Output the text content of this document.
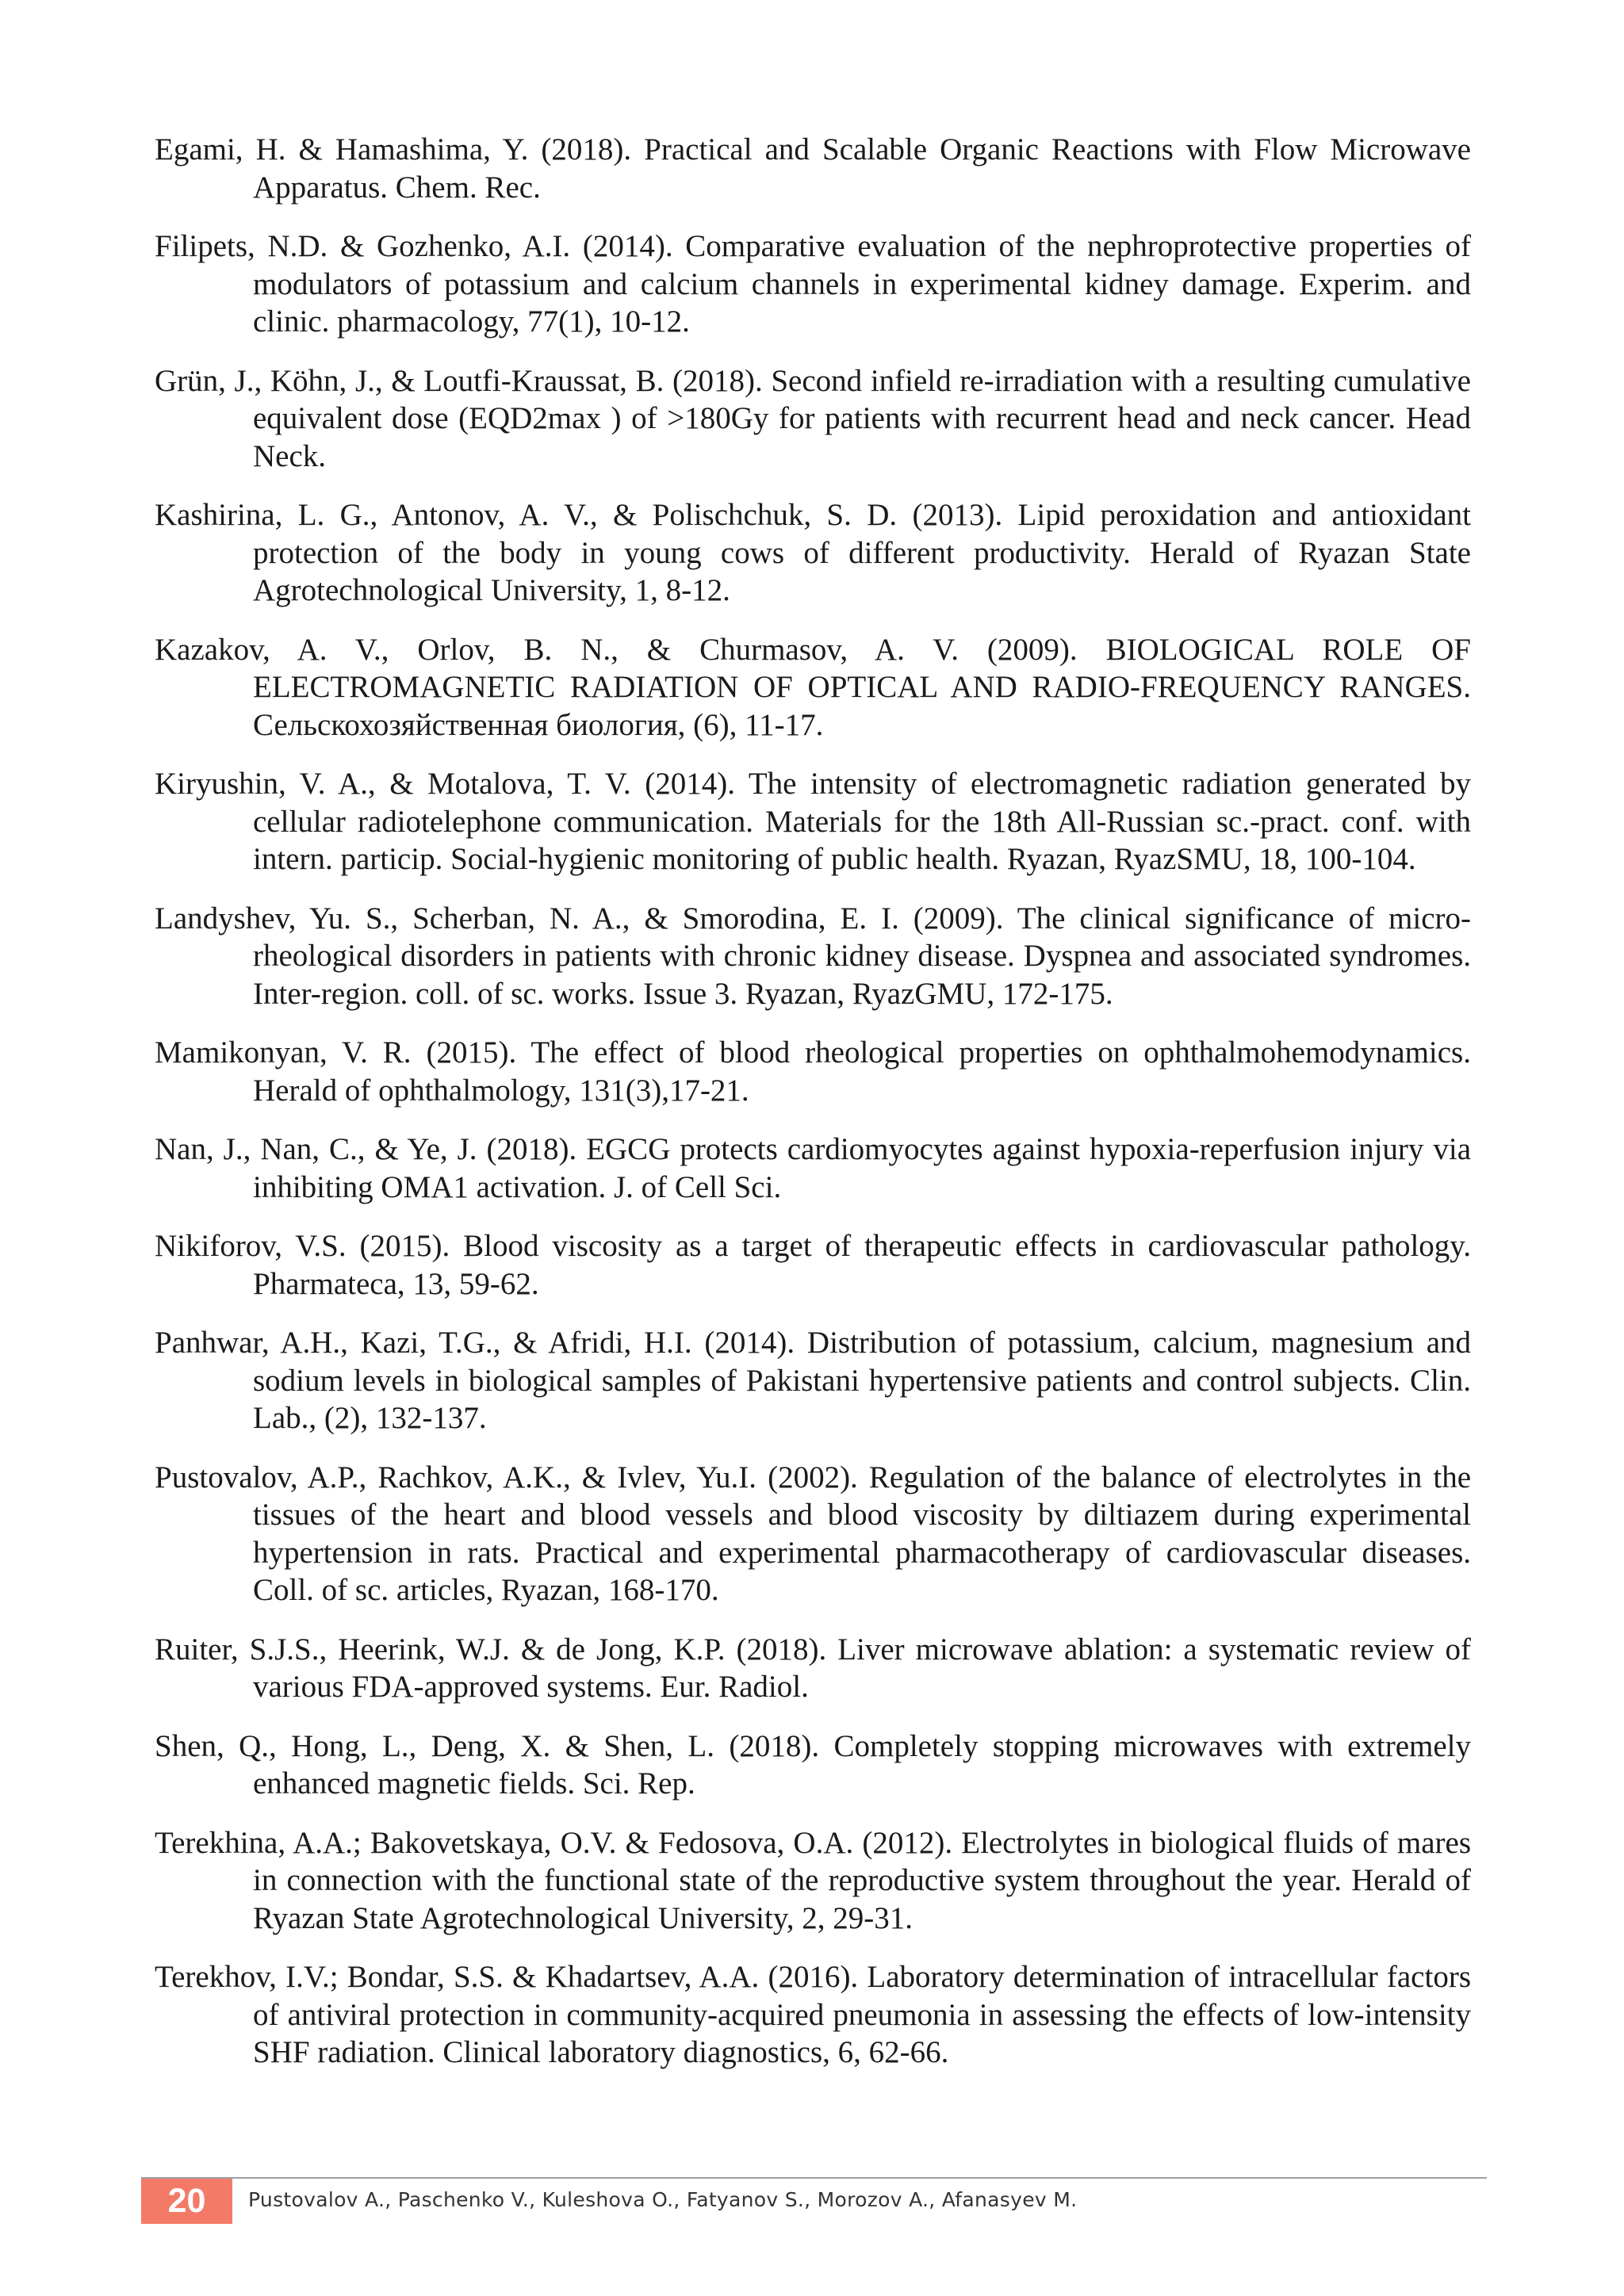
Egami, H. & Hamashima, Y. (2018). Practical and Scalable Organic Reactions with Flow Microwave Apparatus. Chem. Rec.
Filipets, N.D. & Gozhenko, A.I. (2014). Comparative evaluation of the nephroprotective properties of modulators of potassium and calcium channels in experimental kidney damage. Experim. and clinic. pharmacology, 77(1), 10-12.
Grün, J., Köhn, J., & Loutfi-Kraussat, B. (2018). Second infield re-irradiation with a resulting cumulative equivalent dose (EQD2max ) of >180Gy for patients with recurrent head and neck cancer. Head Neck.
Kashirina, L. G., Antonov, A. V., & Polischchuk, S. D. (2013). Lipid peroxidation and antioxidant protection of the body in young cows of different productivity. Herald of Ryazan State Agrotechnological University, 1, 8-12.
Kazakov, A. V., Orlov, B. N., & Churmasov, A. V. (2009). BIOLOGICAL ROLE OF ELECTROMAGNETIC RADIATION OF OPTICAL AND RADIO-FREQUENCY RANGES. Сельскохозяйственная биология, (6), 11-17.
Kiryushin, V. A., & Motalova, T. V. (2014). The intensity of electromagnetic radiation generated by cellular radiotelephone communication. Materials for the 18th All-Russian sc.-pract. conf. with intern. particip. Social-hygienic monitoring of public health. Ryazan, RyazSMU, 18, 100-104.
Landyshev, Yu. S., Scherban, N. A., & Smorodina, E. I. (2009). The clinical significance of micro-rheological disorders in patients with chronic kidney disease. Dyspnea and associated syndromes. Inter-region. coll. of sc. works. Issue 3. Ryazan, RyazGMU, 172-175.
Mamikonyan, V. R. (2015). The effect of blood rheological properties on ophthalmohemodynamics. Herald of ophthalmology, 131(3),17-21.
Nan, J., Nan, C., & Ye, J. (2018). EGCG protects cardiomyocytes against hypoxia-reperfusion injury via inhibiting OMA1 activation. J. of Cell Sci.
Nikiforov, V.S. (2015). Blood viscosity as a target of therapeutic effects in cardiovascular pathology. Pharmateca, 13, 59-62.
Panhwar, A.H., Kazi, T.G., & Afridi, H.I. (2014). Distribution of potassium, calcium, magnesium and sodium levels in biological samples of Pakistani hypertensive patients and control subjects. Clin. Lab., (2), 132-137.
Pustovalov, A.P., Rachkov, A.K., & Ivlev, Yu.I. (2002). Regulation of the balance of electrolytes in the tissues of the heart and blood vessels and blood viscosity by diltiazem during experimental hypertension in rats. Practical and experimental pharmacotherapy of cardiovascular diseases. Coll. of sc. articles, Ryazan, 168-170.
Ruiter, S.J.S., Heerink, W.J. & de Jong, K.P. (2018). Liver microwave ablation: a systematic review of various FDA-approved systems. Eur. Radiol.
Shen, Q., Hong, L., Deng, X. & Shen, L. (2018). Completely stopping microwaves with extremely enhanced magnetic fields. Sci. Rep.
Terekhina, A.A.; Bakovetskaya, O.V. & Fedosova, O.A. (2012). Electrolytes in biological fluids of mares in connection with the functional state of the reproductive system throughout the year. Herald of Ryazan State Agrotechnological University, 2, 29-31.
Terekhov, I.V.; Bondar, S.S. & Khadartsev, A.A. (2016). Laboratory determination of intracellular factors of antiviral protection in community-acquired pneumonia in assessing the effects of low-intensity SHF radiation. Clinical laboratory diagnostics, 6, 62-66.
20	Pustovalov A., Paschenko V., Kuleshova O., Fatyanov S., Morozov A., Afanasyev M.
